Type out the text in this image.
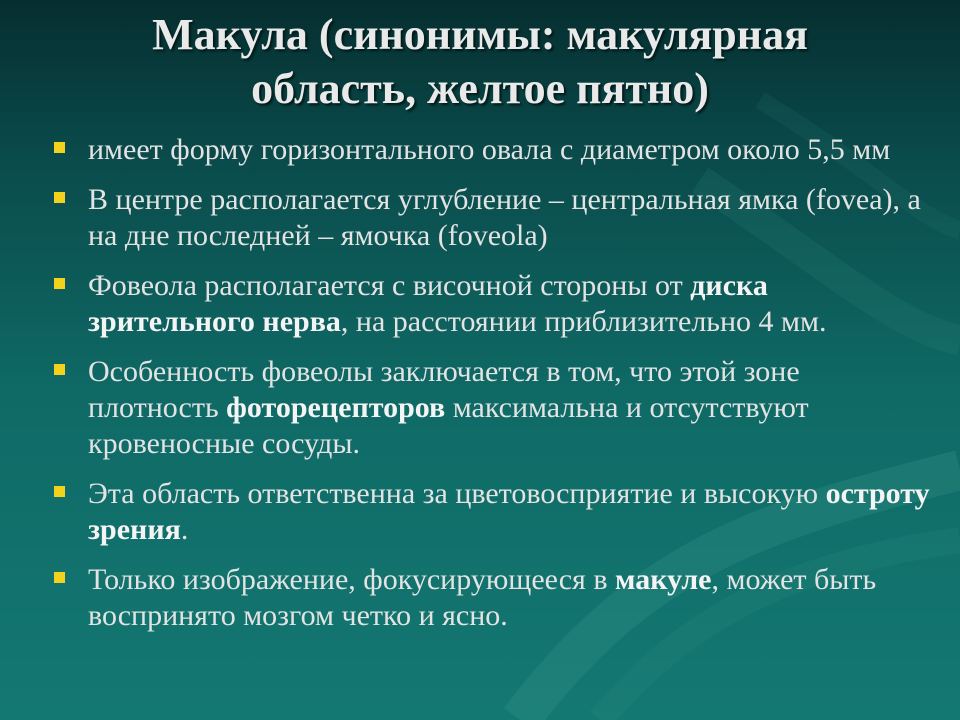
Макула (синонимы: макулярная
область, желтое пятно)
имеет форму горизонтального овала с диаметром около 5,5 мм
В центре располагается углубление – центральная ямка (fovea), а на дне последней – ямочка (foveola)
Фовеола располагается с височной стороны от диска зрительного нерва, на расстоянии приблизительно 4 мм.
Особенность фовеолы заключается в том, что этой зоне плотность фоторецепторов максимальна и отсутствуют кровеносные сосуды.
Эта область ответственна за цветовосприятие и высокую остроту зрения.
Только изображение, фокусирующееся в макуле, может быть воспринято мозгом четко и ясно.
